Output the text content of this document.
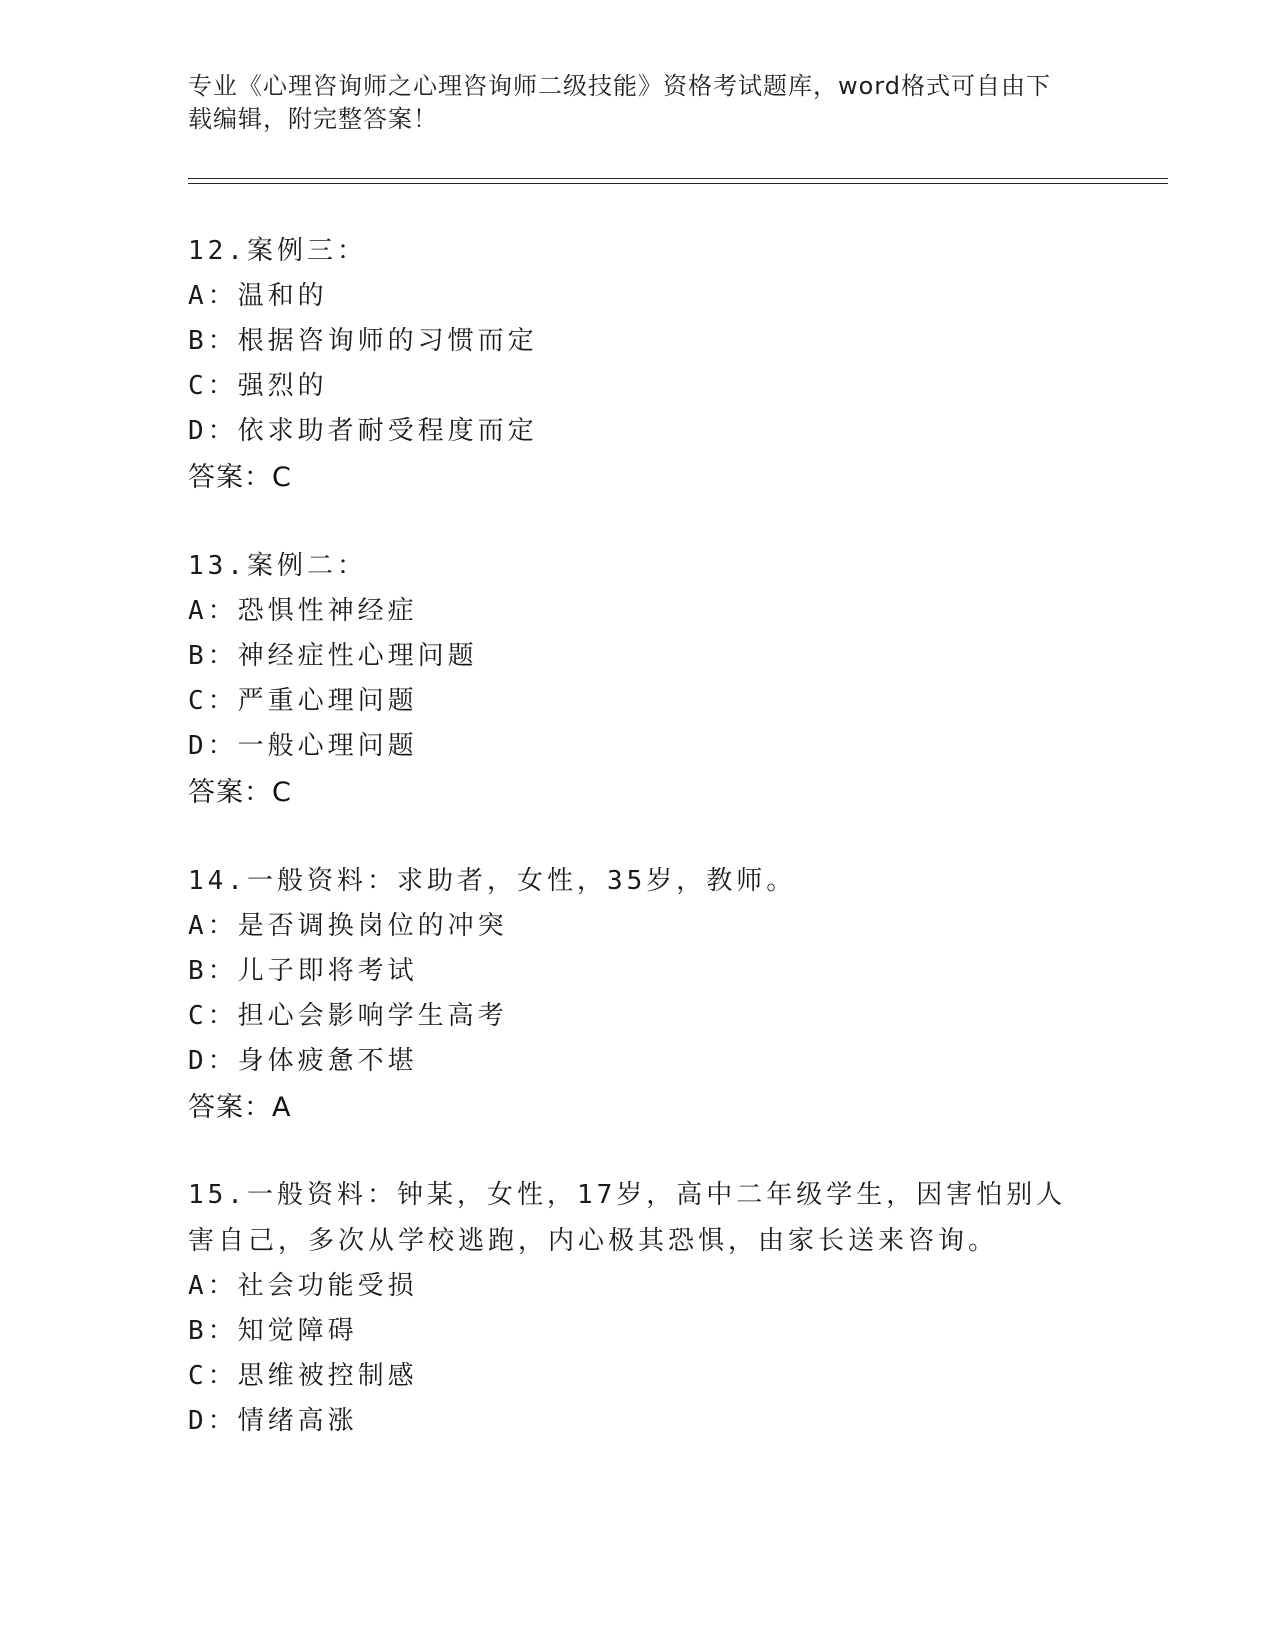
专业《心理咨询师之心理咨询师二级技能》资格考试题库，word格式可自由下载编辑，附完整答案！
12.案例三：
A：温和的
B：根据咨询师的习惯而定
C：强烈的
D：依求助者耐受程度而定
答案：C
13.案例二：
A：恐惧性神经症
B：神经症性心理问题
C：严重心理问题
D：一般心理问题
答案：C
14.一般资料：求助者，女性，35岁，教师。
A：是否调换岗位的冲突
B：儿子即将考试
C：担心会影响学生高考
D：身体疲惫不堪
答案：A
15.一般资料：钟某，女性，17岁，高中二年级学生，因害怕别人害自己，多次从学校逃跑，内心极其恐惧，由家长送来咨询。
A：社会功能受损
B：知觉障碍
C：思维被控制感
D：情绪高涨
